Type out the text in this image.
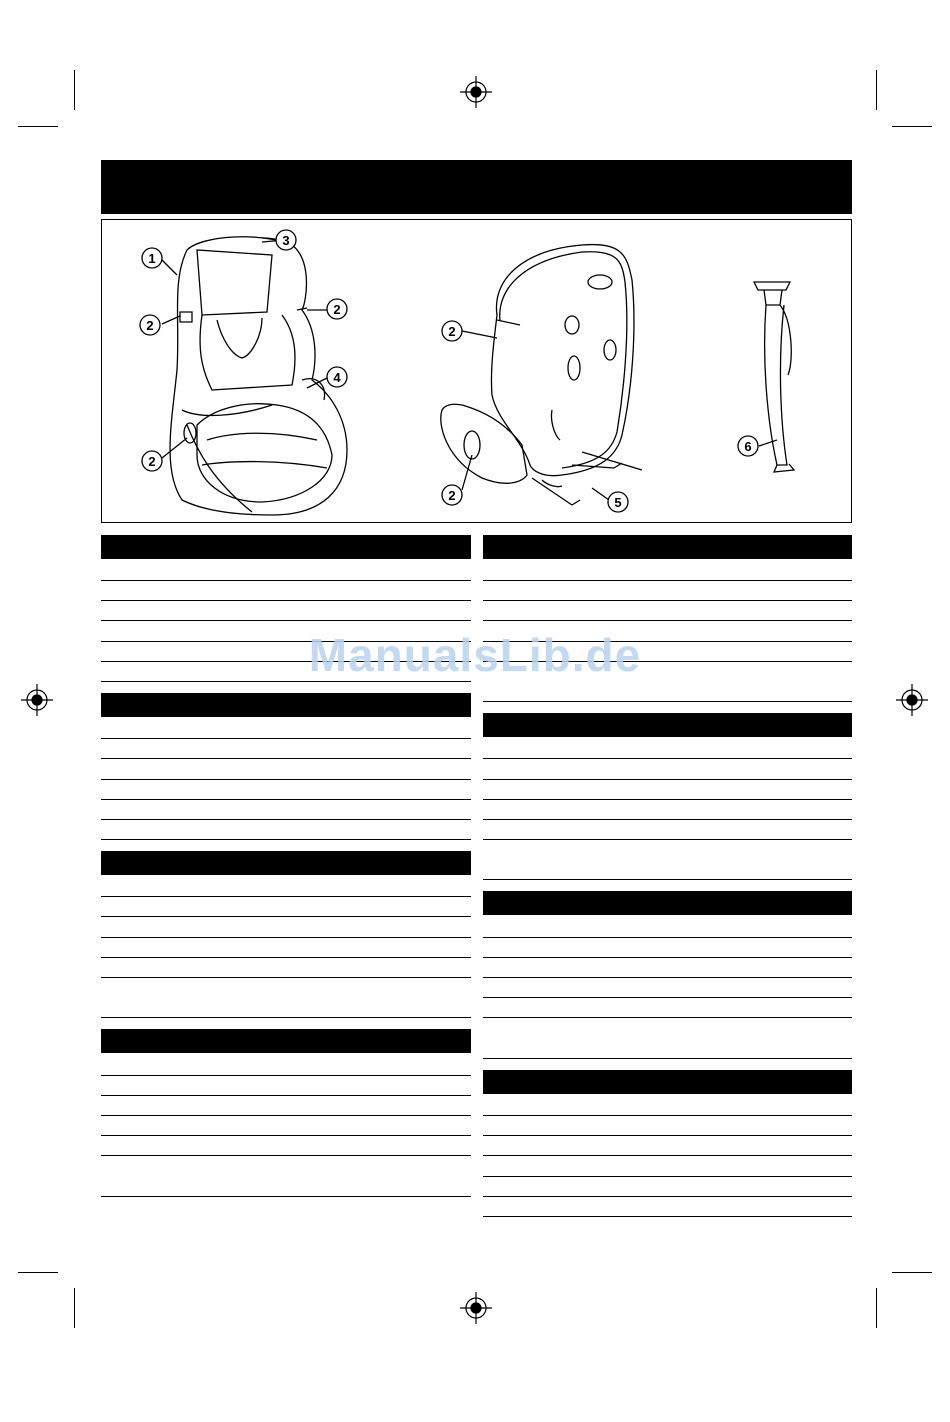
1
2
3
2
4
2
2
2	5
6
ManualsLib.de
